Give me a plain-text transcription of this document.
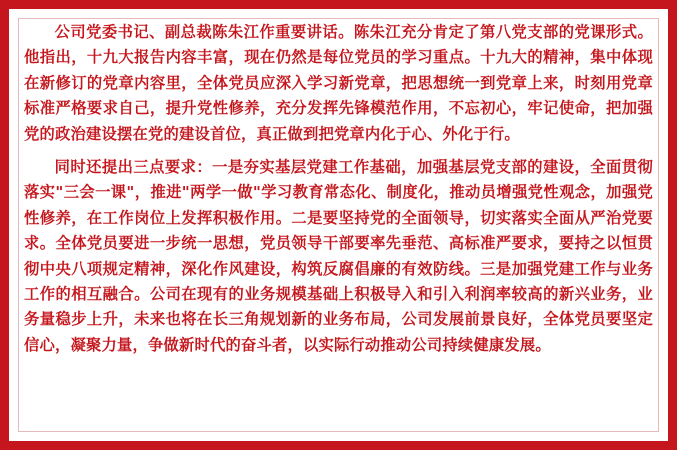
公司党委书记、副总裁陈朱江作重要讲话。陈朱江充分肯定了第八党支部的党课形式。他指出，十九大报告内容丰富，现在仍然是每位党员的学习重点。十九大的精神，集中体现在新修订的党章内容里，全体党员应深入学习新党章，把思想统一到党章上来，时刻用党章标准严格要求自己，提升党性修养，充分发挥先锋模范作用，不忘初心，牢记使命，把加强党的政治建设摆在党的建设首位，真正做到把党章内化于心、外化于行。

同时还提出三点要求：一是夯实基层党建工作基础，加强基层党支部的建设，全面贯彻落实"三会一课"，推进"两学一做"学习教育常态化、制度化，推动员增强党性观念，加强党性修养，在工作岗位上发挥积极作用。二是要坚持党的全面领导，切实落实全面从严治党要求。全体党员要进一步统一思想，党员领导干部要率先垂范、高标准严要求，要持之以恒贯彻中央八项规定精神，深化作风建设，构筑反腐倡廉的有效防线。三是加强党建工作与业务工作的相互融合。公司在现有的业务规模基础上积极导入和引入利润率较高的新兴业务，业务量稳步上升，未来也将在长三角规划新的业务布局，公司发展前景良好，全体党员要坚定信心，凝聚力量，争做新时代的奋斗者，以实际行动推动公司持续健康发展。
